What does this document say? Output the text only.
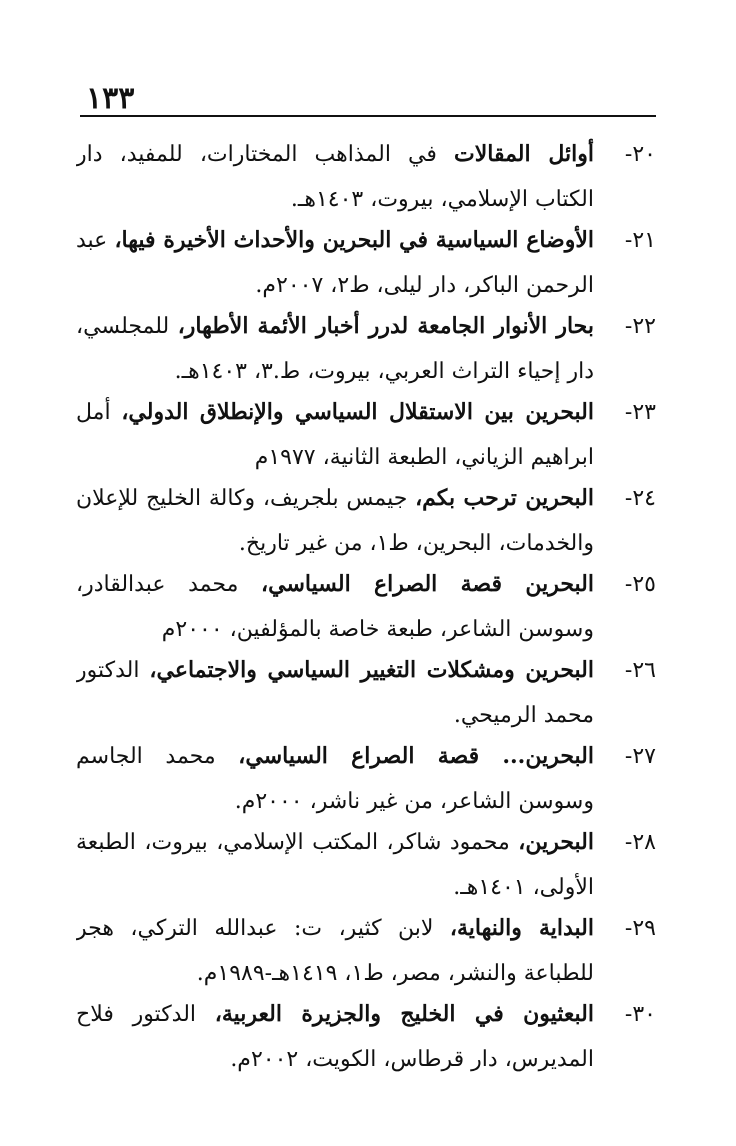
١٣٣
٢٠-
أوائل المقالات في المذاهب المختارات، للمفيد، دار الكتاب الإسلامي، بيروت، ١٤٠٣هـ.
٢١-
الأوضاع السياسية في البحرين والأحداث الأخيرة فيها، عبد الرحمن الباكر، دار ليلى، ط٢، ٢٠٠٧م.
٢٢-
بحار الأنوار الجامعة لدرر أخبار الأئمة الأطهار، للمجلسي، دار إحياء التراث العربي، بيروت، ط.٣، ١٤٠٣هـ.
٢٣-
البحرين بين الاستقلال السياسي والإنطلاق الدولي، أمل ابراهيم الزياني، الطبعة الثانية، ١٩٧٧م
٢٤-
البحرين ترحب بكم، جيمس بلجريف، وكالة الخليج للإعلان والخدمات، البحرين، ط١، من غير تاريخ.
٢٥-
البحرين قصة الصراع السياسي، محمد عبدالقادر، وسوسن الشاعر، طبعة خاصة بالمؤلفين، ٢٠٠٠م
٢٦-
البحرين ومشكلات التغيير السياسي والاجتماعي، الدكتور محمد الرميحي.
٢٧-
البحرين... قصة الصراع السياسي، محمد الجاسم وسوسن الشاعر، من غير ناشر، ٢٠٠٠م.
٢٨-
البحرين، محمود شاكر، المكتب الإسلامي، بيروت، الطبعة الأولى، ١٤٠١هـ.
٢٩-
البداية والنهاية، لابن كثير، ت: عبدالله التركي، هجر للطباعة والنشر، مصر، ط١، ١٤١٩هـ-١٩٨٩م.
٣٠-
البعثيون في الخليج والجزيرة العربية، الدكتور فلاح المديرس، دار قرطاس، الكويت، ٢٠٠٢م.
